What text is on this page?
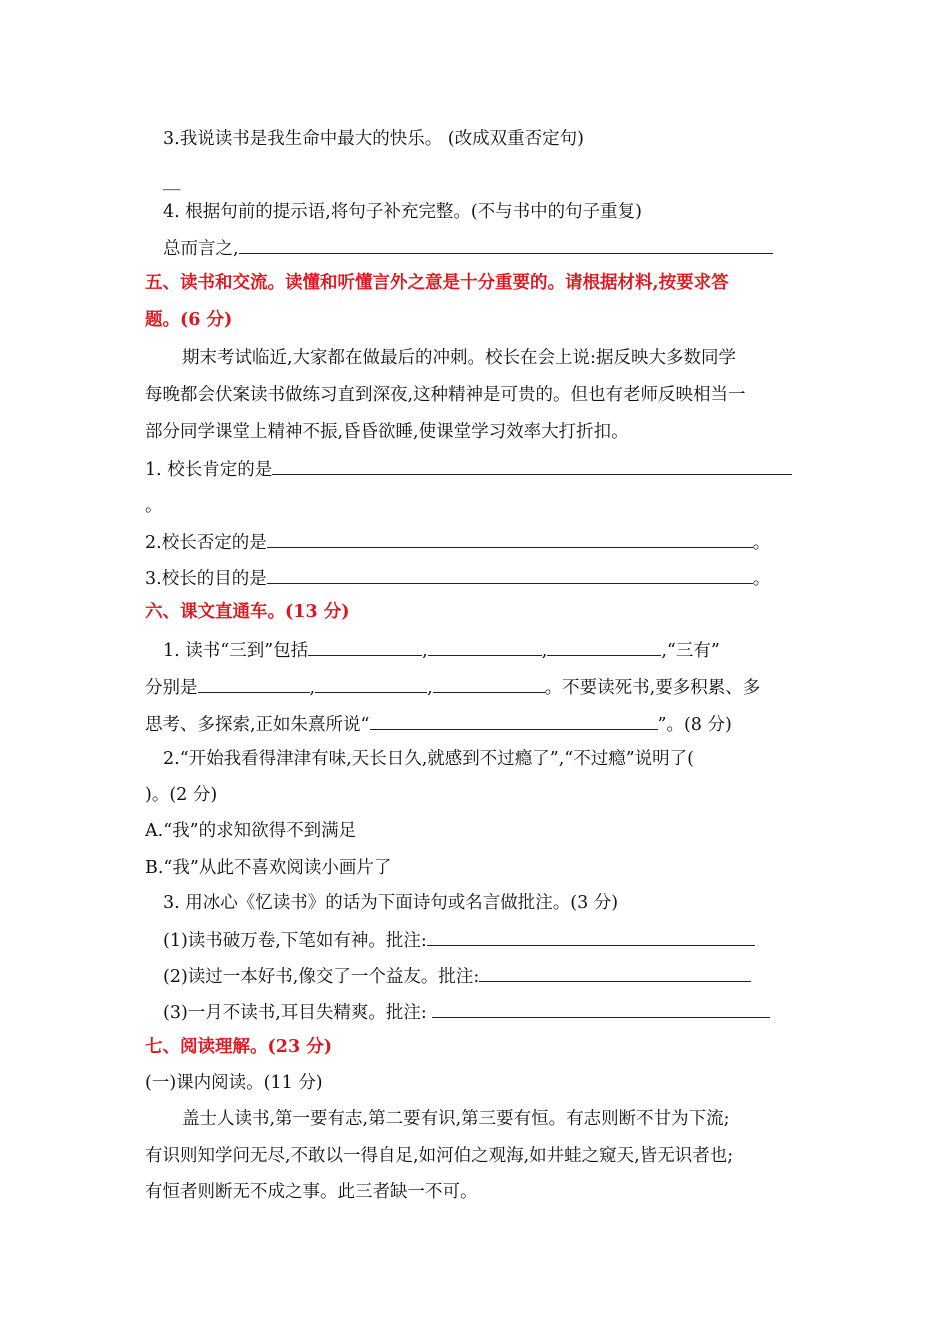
3.我说读书是我生命中最大的快乐。 (改成双重否定句)
__
4. 根据句前的提示语,将句子补充完整。(不与书中的句子重复)
总而言之,
五、读书和交流。读懂和听懂言外之意是十分重要的。请根据材料,按要求答
题。(6 分)
期末考试临近,大家都在做最后的冲刺。校长在会上说:据反映大多数同学
每晚都会伏案读书做练习直到深夜,这种精神是可贵的。但也有老师反映相当一
部分同学课堂上精神不振,昏昏欲睡,使课堂学习效率大打折扣。
1. 校长肯定的是
。
2.校长否定的是	。
3.校长的目的是	。
六、课文直通车。(13 分)
1. 读书“三到”包括	,	,	,“三有”
分别是	,	,	。不要读死书,要多积累、多
思考、多探索,正如朱熹所说“	”。(8 分)
2.“开始我看得津津有味,天长日久,就感到不过瘾了”,“不过瘾”说明了(
)。(2 分)
A.“我”的求知欲得不到满足
B.“我”从此不喜欢阅读小画片了
3. 用冰心《忆读书》的话为下面诗句或名言做批注。(3 分)
(1)读书破万卷,下笔如有神。批注:
(2)读过一本好书,像交了一个益友。批注:
(3)一月不读书,耳目失精爽。批注:
七、阅读理解。(23 分)
(一)课内阅读。(11 分)
盖士人读书,第一要有志,第二要有识,第三要有恒。有志则断不甘为下流;
有识则知学问无尽,不敢以一得自足,如河伯之观海,如井蛙之窥天,皆无识者也;
有恒者则断无不成之事。此三者缺一不可。
